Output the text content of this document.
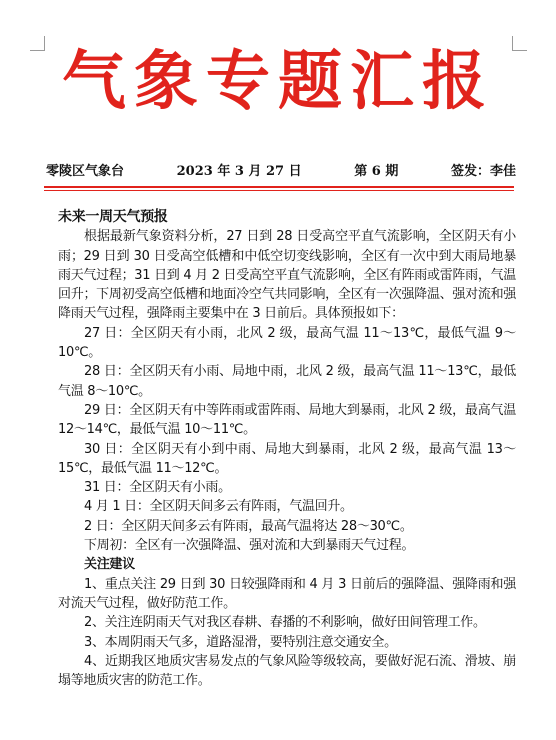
气象专题汇报
零陵区气象台	2023 年 3 月 27 日	第 6 期	签发：李佳

未来一周天气预报

根据最新气象资料分析，27 日到 28 日受高空平直气流影响，全区阴天有小雨；29 日到 30 日受高空低槽和中低空切变线影响，全区有一次中到大雨局地暴雨天气过程；31 日到 4 月 2 日受高空平直气流影响，全区有阵雨或雷阵雨，气温回升；下周初受高空低槽和地面冷空气共同影响，全区有一次强降温、强对流和强降雨天气过程，强降雨主要集中在 3 日前后。具体预报如下：

27 日：全区阴天有小雨，北风 2 级，最高气温 11～13℃，最低气温 9～10℃。

28 日：全区阴天有小雨、局地中雨，北风 2 级，最高气温 11～13℃，最低气温 8～10℃。

29 日：全区阴天有中等阵雨或雷阵雨、局地大到暴雨，北风 2 级，最高气温 12～14℃，最低气温 10～11℃。

30 日：全区阴天有小到中雨、局地大到暴雨，北风 2 级，最高气温 13～15℃，最低气温 11～12℃。

31 日：全区阴天有小雨。

4 月 1 日：全区阴天间多云有阵雨，气温回升。

2 日：全区阴天间多云有阵雨，最高气温将达 28～30℃。

下周初：全区有一次强降温、强对流和大到暴雨天气过程。

关注建议

1、重点关注 29 日到 30 日较强降雨和 4 月 3 日前后的强降温、强降雨和强对流天气过程，做好防范工作。

2、关注连阴雨天气对我区春耕、春播的不利影响，做好田间管理工作。

3、本周阴雨天气多，道路湿滑，要特别注意交通安全。

4、近期我区地质灾害易发点的气象风险等级较高，要做好泥石流、滑坡、崩塌等地质灾害的防范工作。
